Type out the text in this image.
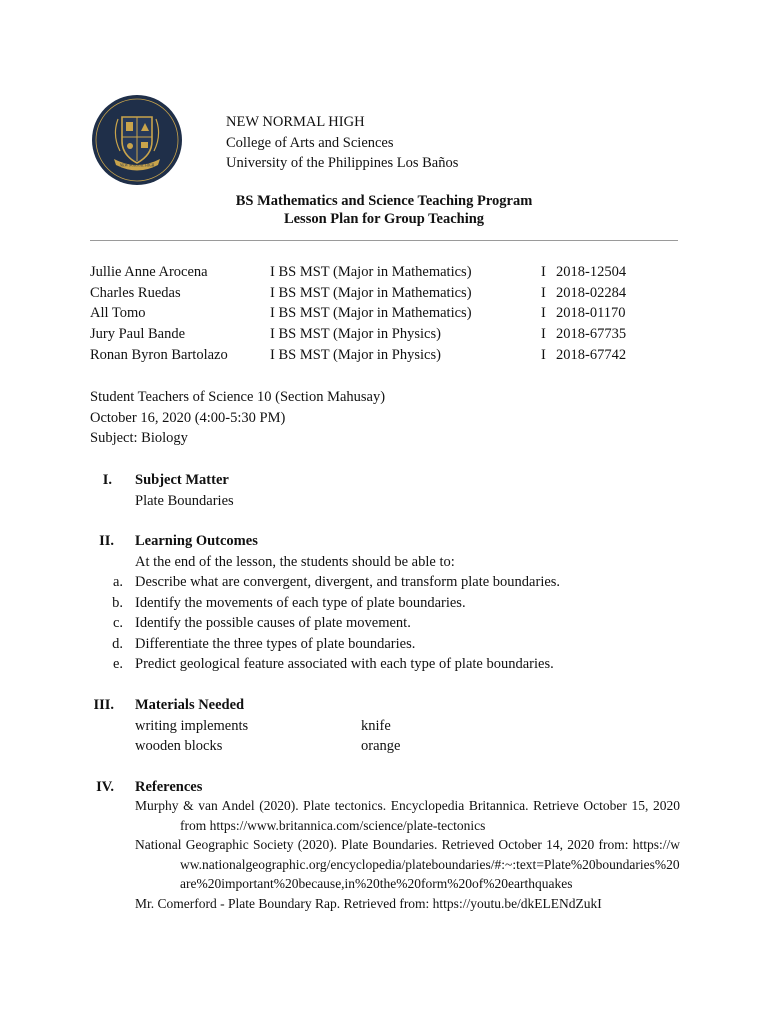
NEW NORMAL HIGH
NEW NORMAL HIGH
College of Arts and Sciences
University of the Philippines Los Baños
BS Mathematics and Science Teaching Program
Lesson Plan for Group Teaching
Jullie Anne Arocena	I BS MST (Major in Mathematics)	I 2018-12504
Charles Ruedas	I BS MST (Major in Mathematics)	I 2018-02284
All Tomo	I BS MST (Major in Mathematics)	I 2018-01170
Jury Paul Bande	I BS MST (Major in Physics)	I 2018-67735
Ronan Byron Bartolazo	I BS MST (Major in Physics)	I 2018-67742
Student Teachers of Science 10 (Section Mahusay)
October 16, 2020 (4:00-5:30 PM)
Subject: Biology
I. Subject Matter
Plate Boundaries
II. Learning Outcomes
At the end of the lesson, the students should be able to:
a. Describe what are convergent, divergent, and transform plate boundaries.
b. Identify the movements of each type of plate boundaries.
c. Identify the possible causes of plate movement.
d. Differentiate the three types of plate boundaries.
e. Predict geological feature associated with each type of plate boundaries.
III. Materials Needed
writing implements	knife
wooden blocks	orange
IV. References
Murphy & van Andel (2020). Plate tectonics. Encyclopedia Britannica. Retrieve October 15, 2020 from https://www.britannica.com/science/plate-tectonics
National Geographic Society (2020). Plate Boundaries. Retrieved October 14, 2020 from: https://www.nationalgeographic.org/encyclopedia/plateboundaries/#:~:text=Plate%20boundaries%20are%20important%20because,in%20the%20form%20of%20earthquakes
Mr. Comerford - Plate Boundary Rap. Retrieved from: https://youtu.be/dkELENdZukI
